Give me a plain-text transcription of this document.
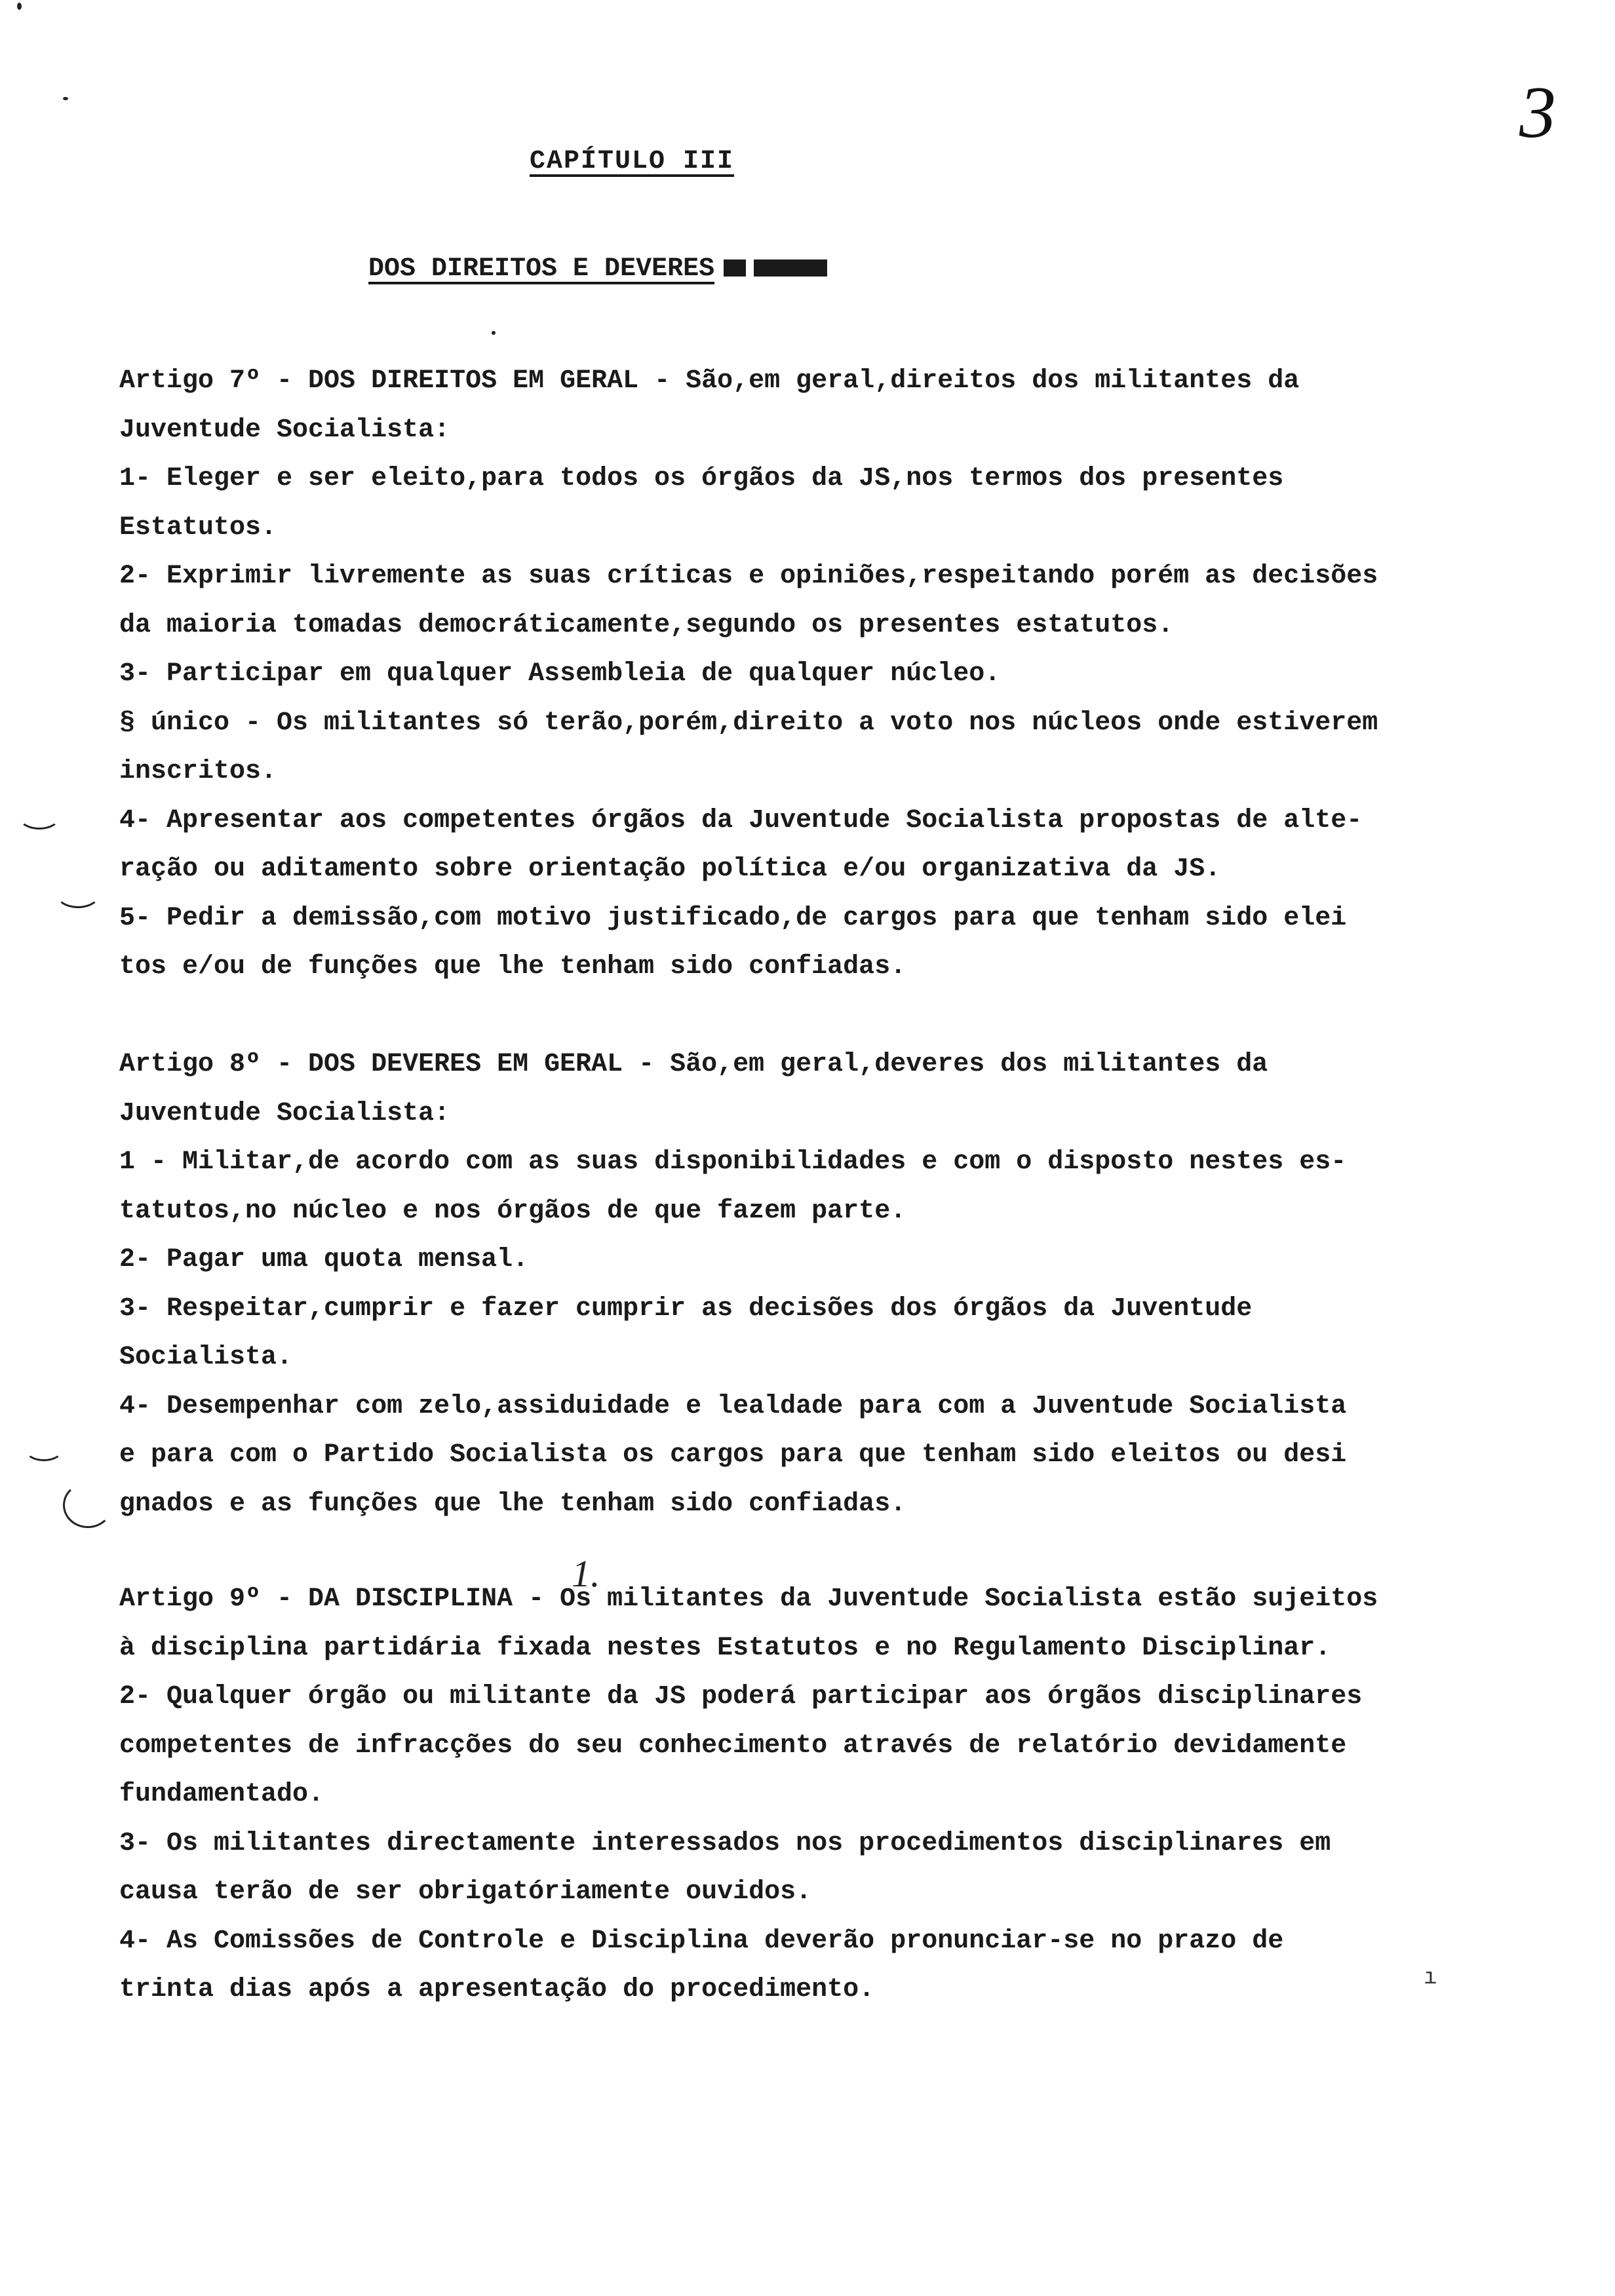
3
CAPÍTULO III
DOS DIREITOS E DEVERES
Artigo 7º - DOS DIREITOS EM GERAL - São,em geral,direitos dos militantes da
Juventude Socialista:
1- Eleger e ser eleito,para todos os órgãos da JS,nos termos dos presentes
Estatutos.
2- Exprimir livremente as suas críticas e opiniões,respeitando porém as decisões
da maioria tomadas democráticamente,segundo os presentes estatutos.
3- Participar em qualquer Assembleia de qualquer núcleo.
§ único - Os militantes só terão,porém,direito a voto nos núcleos onde estiverem
inscritos.
4- Apresentar aos competentes órgãos da Juventude Socialista propostas de alte-
ração ou aditamento sobre orientação política e/ou organizativa da JS.
5- Pedir a demissão,com motivo justificado,de cargos para que tenham sido elei
tos e/ou de funções que lhe tenham sido confiadas.
Artigo 8º - DOS DEVERES EM GERAL - São,em geral,deveres dos militantes da
Juventude Socialista:
1 - Militar,de acordo com as suas disponibilidades e com o disposto nestes es-
tatutos,no núcleo e nos órgãos de que fazem parte.
2- Pagar uma quota mensal.
3- Respeitar,cumprir e fazer cumprir as decisões dos órgãos da Juventude
Socialista.
4- Desempenhar com zelo,assiduidade e lealdade para com a Juventude Socialista
e para com o Partido Socialista os cargos para que tenham sido eleitos ou desi
gnados e as funções que lhe tenham sido confiadas.
Artigo 9º - DA DISCIPLINA - Os militantes da Juventude Socialista estão sujeitos
à disciplina partidária fixada nestes Estatutos e no Regulamento Disciplinar.
2- Qualquer órgão ou militante da JS poderá participar aos órgãos disciplinares
competentes de infracções do seu conhecimento através de relatório devidamente
fundamentado.
3- Os militantes directamente interessados nos procedimentos disciplinares em
causa terão de ser obrigatóriamente ouvidos.
4- As Comissões de Controle e Disciplina deverão pronunciar-se no prazo de
trinta dias após a apresentação do procedimento.
1.
ı
